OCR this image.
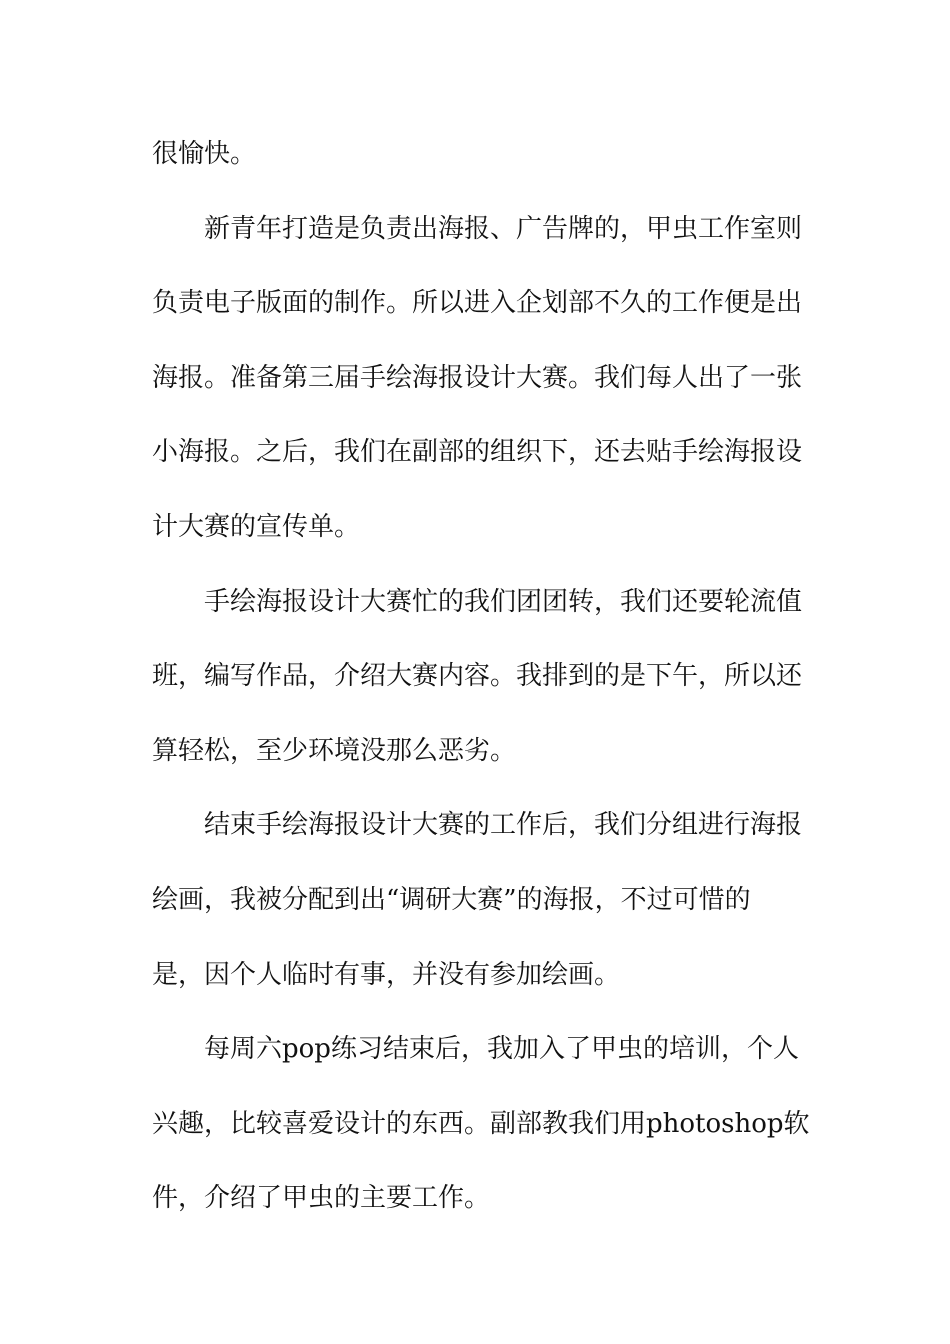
很愉快。
新青年打造是负责出海报、广告牌的，甲虫工作室则
负责电子版面的制作。所以进入企划部不久的工作便是出
海报。准备第三届手绘海报设计大赛。我们每人出了一张
小海报。之后，我们在副部的组织下，还去贴手绘海报设
计大赛的宣传单。
手绘海报设计大赛忙的我们团团转，我们还要轮流值
班，编写作品，介绍大赛内容。我排到的是下午，所以还
算轻松，至少环境没那么恶劣。
结束手绘海报设计大赛的工作后，我们分组进行海报
绘画，我被分配到出“调研大赛”的海报，不过可惜的
是，因个人临时有事，并没有参加绘画。
每周六pop练习结束后，我加入了甲虫的培训，个人
兴趣，比较喜爱设计的东西。副部教我们用photoshop软
件，介绍了甲虫的主要工作。
